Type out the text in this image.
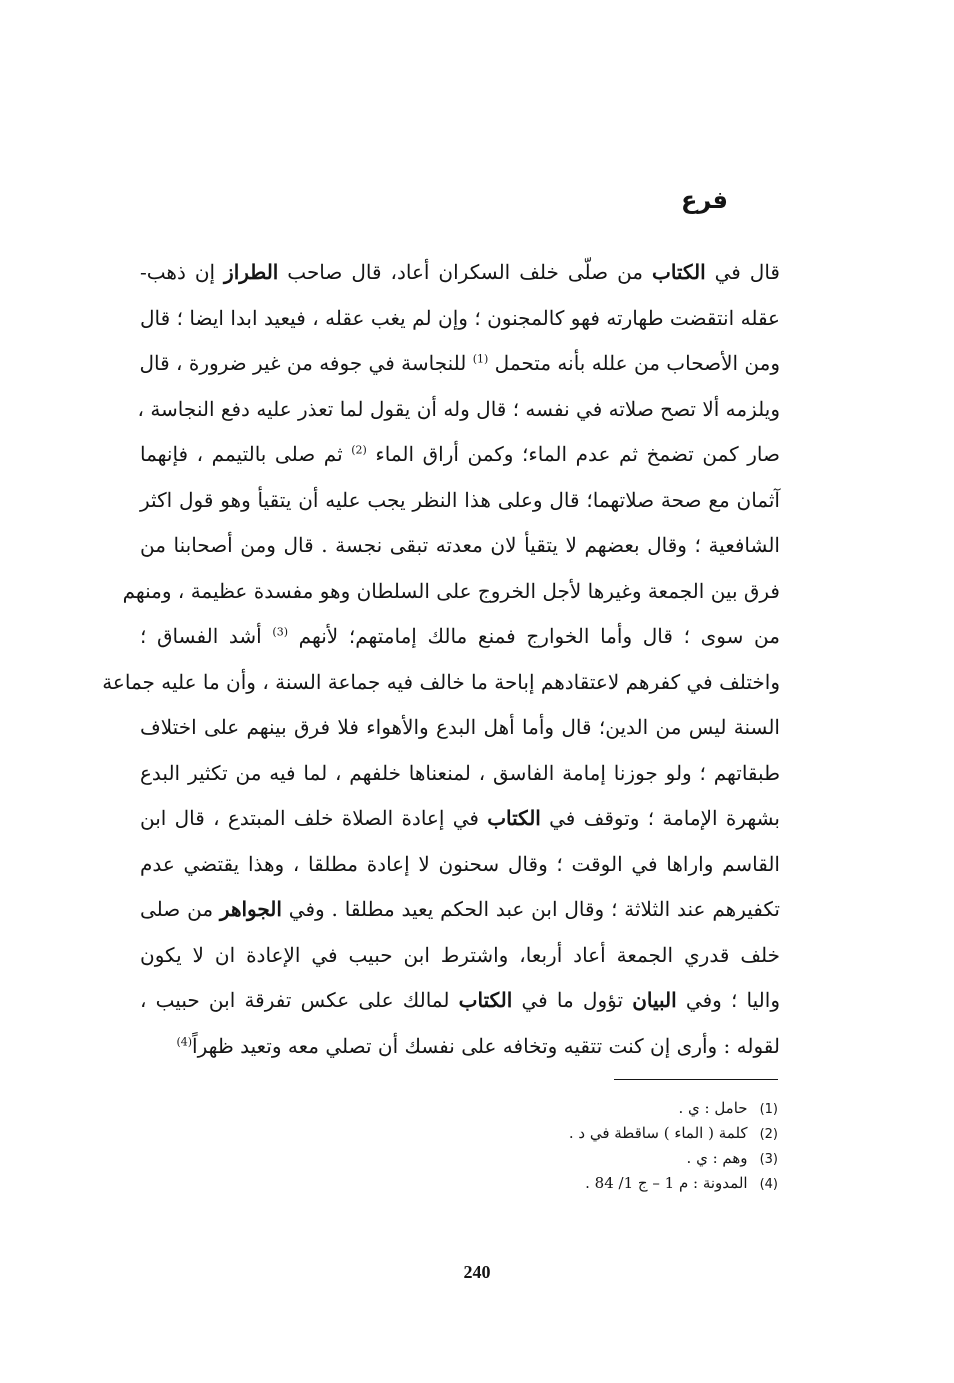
فرع
قال في الكتاب من صلّى خلف السكران أعاد، قال صاحب الطراز إن ذهب-
عقله انتقضت طهارته فهو كالمجنون ؛ وإن لم يغب عقله ، فيعيد ابدا ايضا ؛ قال
ومن الأصحاب من علله بأنه متحمل $^{(1)}$ للنجاسة في جوفه من غير ضرورة ، قال
ويلزمه ألا تصح صلاته في نفسه ؛ قال وله أن يقول لما تعذر عليه دفع النجاسة ،
صار كمن تضمخ ثم عدم الماء؛ وكمن أراق الماء $^{(2)}$ ثم صلى بالتيمم ، فإنهما
آثمان مع صحة صلاتهما؛ قال وعلى هذا النظر يجب عليه أن يتقيأ وهو قول اكثر
الشافعية ؛ وقال بعضهم لا يتقيأ لان معدته تبقى نجسة . قال ومن أصحابنا من
فرق بين الجمعة وغيرها لأجل الخروج على السلطان وهو مفسدة عظيمة ، ومنهم
من سوى ؛ قال وأما الخوارج فمنع مالك إمامتهم؛ لأنهم $^{(3)}$ أشد الفساق ؛
واختلف في كفرهم لاعتقادهم إباحة ما خالف فيه جماعة السنة ، وأن ما عليه جماعة
السنة ليس من الدين؛ قال وأما أهل البدع والأهواء فلا فرق بينهم على اختلاف
طبقاتهم ؛ ولو جوزنا إمامة الفاسق ، لمنعناها خلفهم ، لما فيه من تكثير البدع
بشهرة الإمامة ؛ وتوقف في الكتاب في إعادة الصلاة خلف المبتدع ، قال ابن
القاسم واراها في الوقت ؛ وقال سحنون لا إعادة مطلقا ، وهذا يقتضي عدم
تكفيرهم عند الثلاثة ؛ وقال ابن عبد الحكم يعيد مطلقا . وفي الجواهر من صلى
خلف قدري الجمعة أعاد أربعا، واشترط ابن حبيب في الإعادة ان لا يكون
واليا ؛ وفي البيان تؤول ما في الكتاب لمالك على عكس تفرقة ابن حبيب ،
لقوله : وأرى إن كنت تتقيه وتخافه على نفسك أن تصلي معه وتعيد ظهراً$^{(4)}$
(1)حامل : ي .
(2)كلمة ( الماء ) ساقطة في د .
(3)وهم : ي .
(4)المدونة : م 1 – ج 1/ 84 .
240
